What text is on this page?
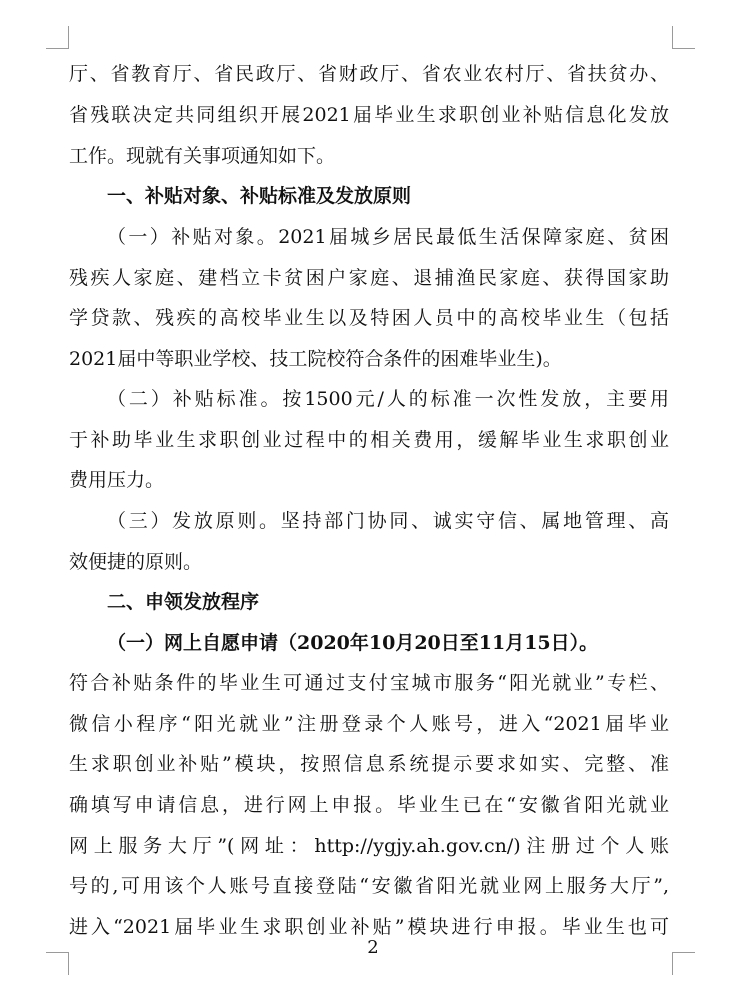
厅、省教育厅、省民政厅、省财政厅、省农业农村厅、省扶贫办、
省残联决定共同组织开展2021届毕业生求职创业补贴信息化发放
工作。现就有关事项通知如下。
一、补贴对象、补贴标准及发放原则
（一）补贴对象。2021届城乡居民最低生活保障家庭、贫困
残疾人家庭、建档立卡贫困户家庭、退捕渔民家庭、获得国家助
学贷款、残疾的高校毕业生以及特困人员中的高校毕业生（包括
2021届中等职业学校、技工院校符合条件的困难毕业生)。
（二）补贴标准。按1500元/人的标准一次性发放，主要用
于补助毕业生求职创业过程中的相关费用，缓解毕业生求职创业
费用压力。
（三）发放原则。坚持部门协同、诚实守信、属地管理、高
效便捷的原则。
二、申领发放程序
（一）网上自愿申请（2020年10月20日至11月15日）。
符合补贴条件的毕业生可通过支付宝城市服务“阳光就业”专栏、
微信小程序“阳光就业”注册登录个人账号，进入“2021届毕业
生求职创业补贴”模块，按照信息系统提示要求如实、完整、准
确填写申请信息，进行网上申报。毕业生已在“安徽省阳光就业
网上服务大厅”(网址：http://ygjy.ah.gov.cn/)注册过个人账
号的,可用该个人账号直接登陆“安徽省阳光就业网上服务大厅”,
进入“2021届毕业生求职创业补贴”模块进行申报。毕业生也可
2
